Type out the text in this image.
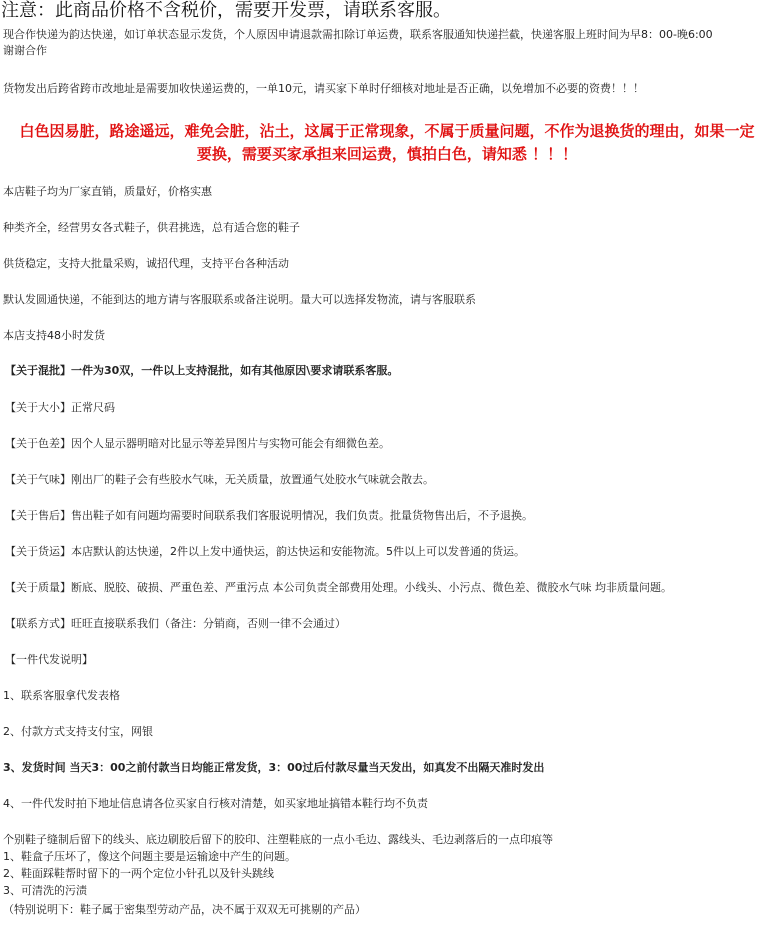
注意：此商品价格不含税价，需要开发票，请联系客服。
现合作快递为韵达快递，如订单状态显示发货，个人原因申请退款需扣除订单运费，联系客服通知快递拦截，快递客服上班时间为早8：00-晚6:00
谢谢合作
货物发出后跨省跨市改地址是需要加收快递运费的，一单10元，请买家下单时仔细核对地址是否正确，以免增加不必要的资费！！！
白色因易脏，路途遥远，难免会脏，沾土，这属于正常现象，不属于质量问题，不作为退换货的理由，如果一定
要换，需要买家承担来回运费，慎拍白色，请知悉 ！！！
本店鞋子均为厂家直销，质量好，价格实惠
种类齐全，经营男女各式鞋子，供君挑选，总有适合您的鞋子
供货稳定，支持大批量采购，诚招代理，支持平台各种活动
默认发圆通快递，不能到达的地方请与客服联系或备注说明。量大可以选择发物流，请与客服联系
本店支持48小时发货
【关于混批】一件为30双，一件以上支持混批，如有其他原因\要求请联系客服。
【关于大小】正常尺码
【关于色差】因个人显示器明暗对比显示等差异图片与实物可能会有细微色差。
【关于气味】刚出厂的鞋子会有些胶水气味，无关质量，放置通气处胶水气味就会散去。
【关于售后】售出鞋子如有问题均需要时间联系我们客服说明情况，我们负责。批量货物售出后，不予退换。
【关于货运】本店默认韵达快递，2件以上发中通快运，韵达快运和安能物流。5件以上可以发普通的货运。
【关于质量】断底、脱胶、破损、严重色差、严重污点 本公司负责全部费用处理。小线头、小污点、微色差、微胶水气味 均非质量问题。
【联系方式】旺旺直接联系我们（备注：分销商，否则一律不会通过）
【一件代发说明】
1、联系客服拿代发表格
2、付款方式支持支付宝，网银
3、发货时间 当天3：00之前付款当日均能正常发货，3：00过后付款尽量当天发出，如真发不出隔天准时发出
4、一件代发时拍下地址信息请各位买家自行核对清楚，如买家地址搞错本鞋行均不负责
个别鞋子缝制后留下的线头、底边刷胶后留下的胶印、注塑鞋底的一点小毛边、露线头、毛边剥落后的一点印痕等
1、鞋盒子压坏了，像这个问题主要是运输途中产生的问题。
2、鞋面踩鞋帮时留下的一两个定位小针孔以及针头跳线
3、可清洗的污渍
（特别说明下：鞋子属于密集型劳动产品，决不属于双双无可挑剔的产品）
